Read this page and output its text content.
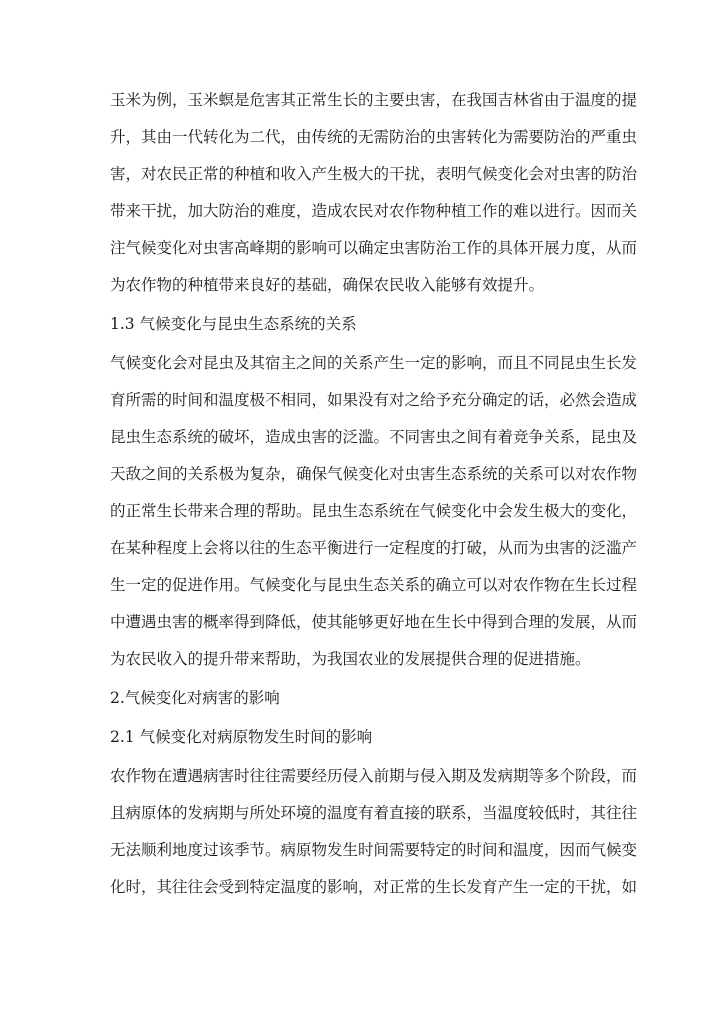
玉米为例，玉米螟是危害其正常生长的主要虫害，在我国吉林省由于温度的提
升，其由一代转化为二代，由传统的无需防治的虫害转化为需要防治的严重虫
害，对农民正常的种植和收入产生极大的干扰，表明气候变化会对虫害的防治
带来干扰，加大防治的难度，造成农民对农作物种植工作的难以进行。因而关
注气候变化对虫害高峰期的影响可以确定虫害防治工作的具体开展力度，从而
为农作物的种植带来良好的基础，确保农民收入能够有效提升。
1.3 气候变化与昆虫生态系统的关系
气候变化会对昆虫及其宿主之间的关系产生一定的影响，而且不同昆虫生长发
育所需的时间和温度极不相同，如果没有对之给予充分确定的话，必然会造成
昆虫生态系统的破坏，造成虫害的泛滥。不同害虫之间有着竞争关系，昆虫及
天敌之间的关系极为复杂，确保气候变化对虫害生态系统的关系可以对农作物
的正常生长带来合理的帮助。昆虫生态系统在气候变化中会发生极大的变化，
在某种程度上会将以往的生态平衡进行一定程度的打破，从而为虫害的泛滥产
生一定的促进作用。气候变化与昆虫生态关系的确立可以对农作物在生长过程
中遭遇虫害的概率得到降低，使其能够更好地在生长中得到合理的发展，从而
为农民收入的提升带来帮助，为我国农业的发展提供合理的促进措施。
2.气候变化对病害的影响
2.1 气候变化对病原物发生时间的影响
农作物在遭遇病害时往往需要经历侵入前期与侵入期及发病期等多个阶段，而
且病原体的发病期与所处环境的温度有着直接的联系，当温度较低时，其往往
无法顺利地度过该季节。病原物发生时间需要特定的时间和温度，因而气候变
化时，其往往会受到特定温度的影响，对正常的生长发育产生一定的干扰，如
